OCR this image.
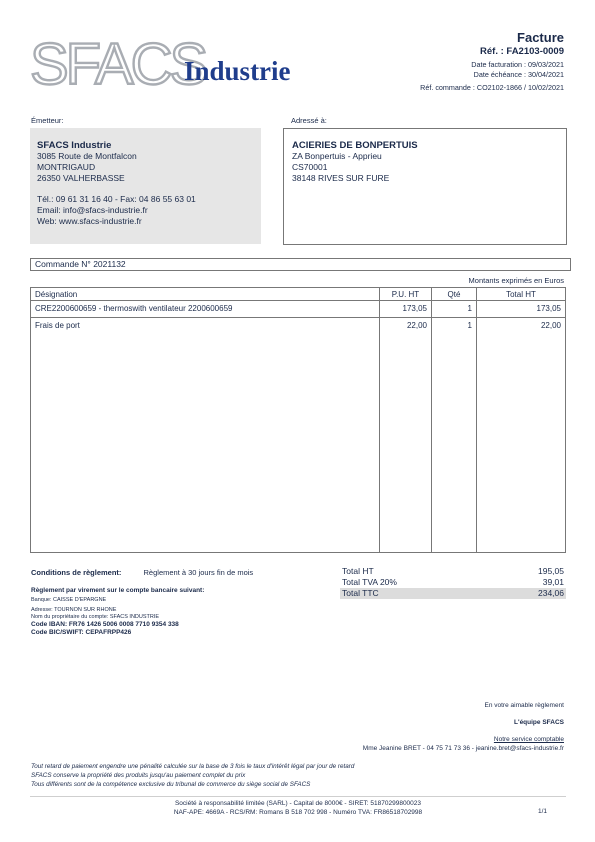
SFACS
Industrie
Facture
Réf. : FA2103-0009
Date facturation : 09/03/2021
Date échéance : 30/04/2021
Réf. commande : CO2102-1866 / 10/02/2021
Émetteur:	Adressé à:
SFACS Industrie
3085 Route de Montfalcon
MONTRIGAUD
26350 VALHERBASSE
Tél.: 09 61 31 16 40 - Fax: 04 86 55 63 01
Email: info@sfacs-industrie.fr
Web: www.sfacs-industrie.fr
ACIERIES DE BONPERTUIS
ZA Bonpertuis - Apprieu
CS70001
38148 RIVES SUR FURE
Commande N° 2021132
Montants exprimés en Euros
Désignation	P.U. HT	Qté	Total HT
CRE2200600659 - thermoswith ventilateur 2200600659	173,05	1	173,05
Frais de port	22,00	1	22,00

Conditions de règlement:	Règlement à 30 jours fin de mois
Règlement par virement sur le compte bancaire suivant:
Banque: CAISSE D'EPARGNE
Adresse: TOURNON SUR RHONE
Nom du propriétaire du compte: SFACS INDUSTRIE
Code IBAN: FR76 1426 5006 0008 7710 9354 338
Code BIC/SWIFT: CEPAFRPP426
Total HT	195,05
Total TVA 20%	39,01
Total TTC	234,06
En votre aimable règlement
L'équipe SFACS
Notre service comptable
Mme Jeanine BRET - 04 75 71 73 36 - jeanine.bret@sfacs-industrie.fr
Tout retard de paiement engendre une pénalité calculée sur la base de 3 fois le taux d'intérêt légal par jour de retard
SFACS conserve la propriété des produits jusqu'au paiement complet du prix
Tous différents sont de la compétence exclusive du tribunal de commerce du siège social de SFACS
Société à responsabilité limitée (SARL) - Capital de 8000€ - SIRET: 51870299800023
NAF-APE: 4669A - RCS/RM: Romans B 518 702 998 - Numéro TVA: FR86518702998	1/1
